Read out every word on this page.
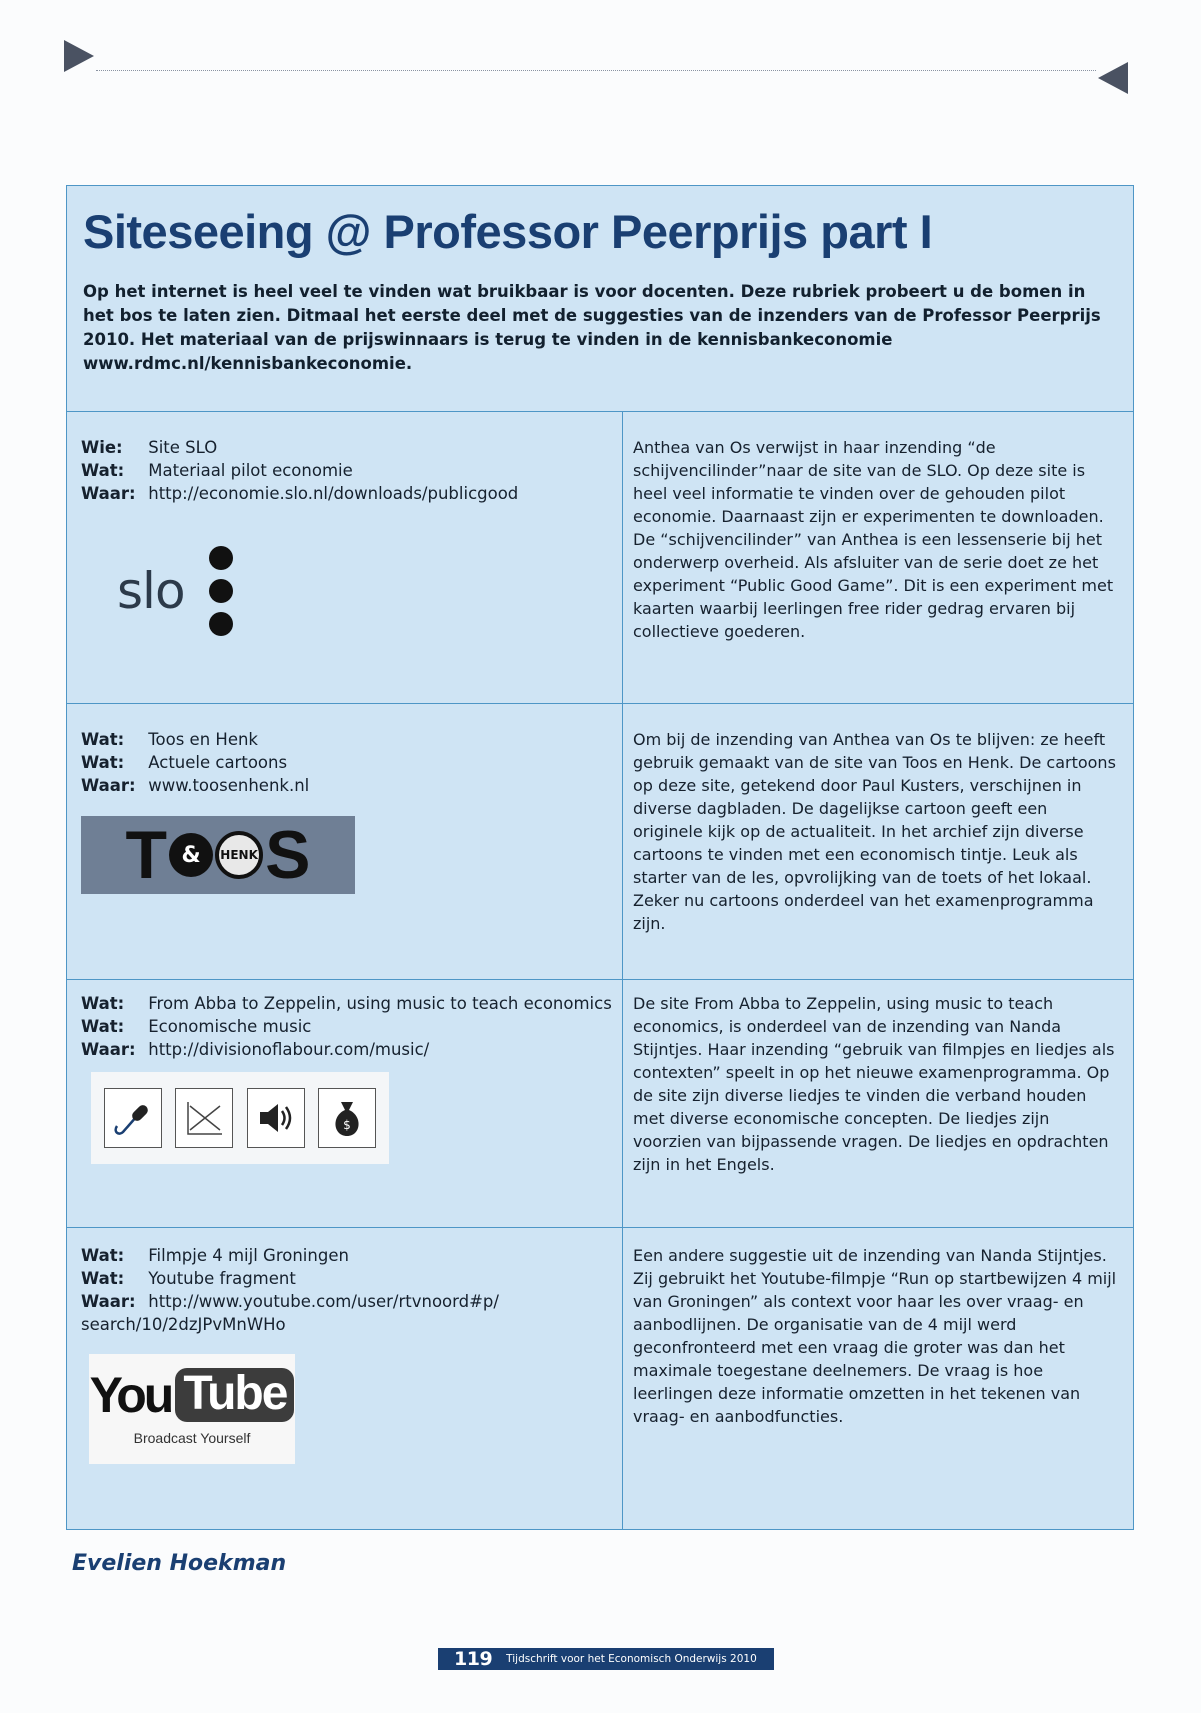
Siteseeing @ Professor Peerprijs part I

Op het internet is heel veel te vinden wat bruikbaar is voor docenten. Deze rubriek probeert u de bomen in het bos te laten zien. Ditmaal het eerste deel met de suggesties van de inzenders van de Professor Peerprijs 2010. Het materiaal van de prijswinnaars is terug te vinden in de kennisbankeconomie www.rdmc.nl/kennisbankeconomie.

Wie: Site SLO
Wat: Materiaal pilot economie
Waar: http://economie.slo.nl/downloads/publicgood
slo
Anthea van Os verwijst in haar inzending “de schijvencilinder”naar de site van de SLO. Op deze site is heel veel informatie te vinden over de gehouden pilot economie. Daarnaast zijn er experimenten te downloaden. De “schijvencilinder” van Anthea is een lessenserie bij het onderwerp overheid. Als afsluiter van de serie doet ze het experiment “Public Good Game”. Dit is een experiment met kaarten waarbij leerlingen free rider gedrag ervaren bij collectieve goederen.
Wat: Toos en Henk
Wat: Actuele cartoons
Waar: www.toosenhenk.nl
T &	HENK S
Om bij de inzending van Anthea van Os te blijven: ze heeft gebruik gemaakt van de site van Toos en Henk. De cartoons op deze site, getekend door Paul Kusters, verschijnen in diverse dagbladen. De dagelijkse cartoon geeft een originele kijk op de actualiteit. In het archief zijn diverse cartoons te vinden met een economisch tintje. Leuk als starter van de les, opvrolijking van de toets of het lokaal. Zeker nu cartoons onderdeel van het examenprogramma zijn.
Wat: From Abba to Zeppelin, using music to teach economics
Wat: Economische music
Waar: http://divisionoflabour.com/music/
$
De site From Abba to Zeppelin, using music to teach economics, is onderdeel van de inzending van Nanda Stijntjes. Haar inzending “gebruik van filmpjes en liedjes als contexten” speelt in op het nieuwe examenprogramma. Op de site zijn diverse liedjes te vinden die verband houden met diverse economische concepten. De liedjes zijn voorzien van bijpassende vragen. De liedjes en opdrachten zijn in het Engels.
Wat: Filmpje 4 mijl Groningen
Wat: Youtube fragment
Waar: http://www.youtube.com/user/rtvnoord#p/
search/10/2dzJPvMnWHo
You Tube
Broadcast Yourself
Een andere suggestie uit de inzending van Nanda Stijntjes. Zij gebruikt het Youtube-filmpje “Run op startbewijzen 4 mijl van Groningen” als context voor haar les over vraag- en aanbodlijnen. De organisatie van de 4 mijl werd geconfronteerd met een vraag die groter was dan het maximale toegestane deelnemers. De vraag is hoe leerlingen deze informatie omzetten in het tekenen van vraag- en aanbodfuncties.
Evelien Hoekman
119 Tijdschrift voor het Economisch Onderwijs 2010
